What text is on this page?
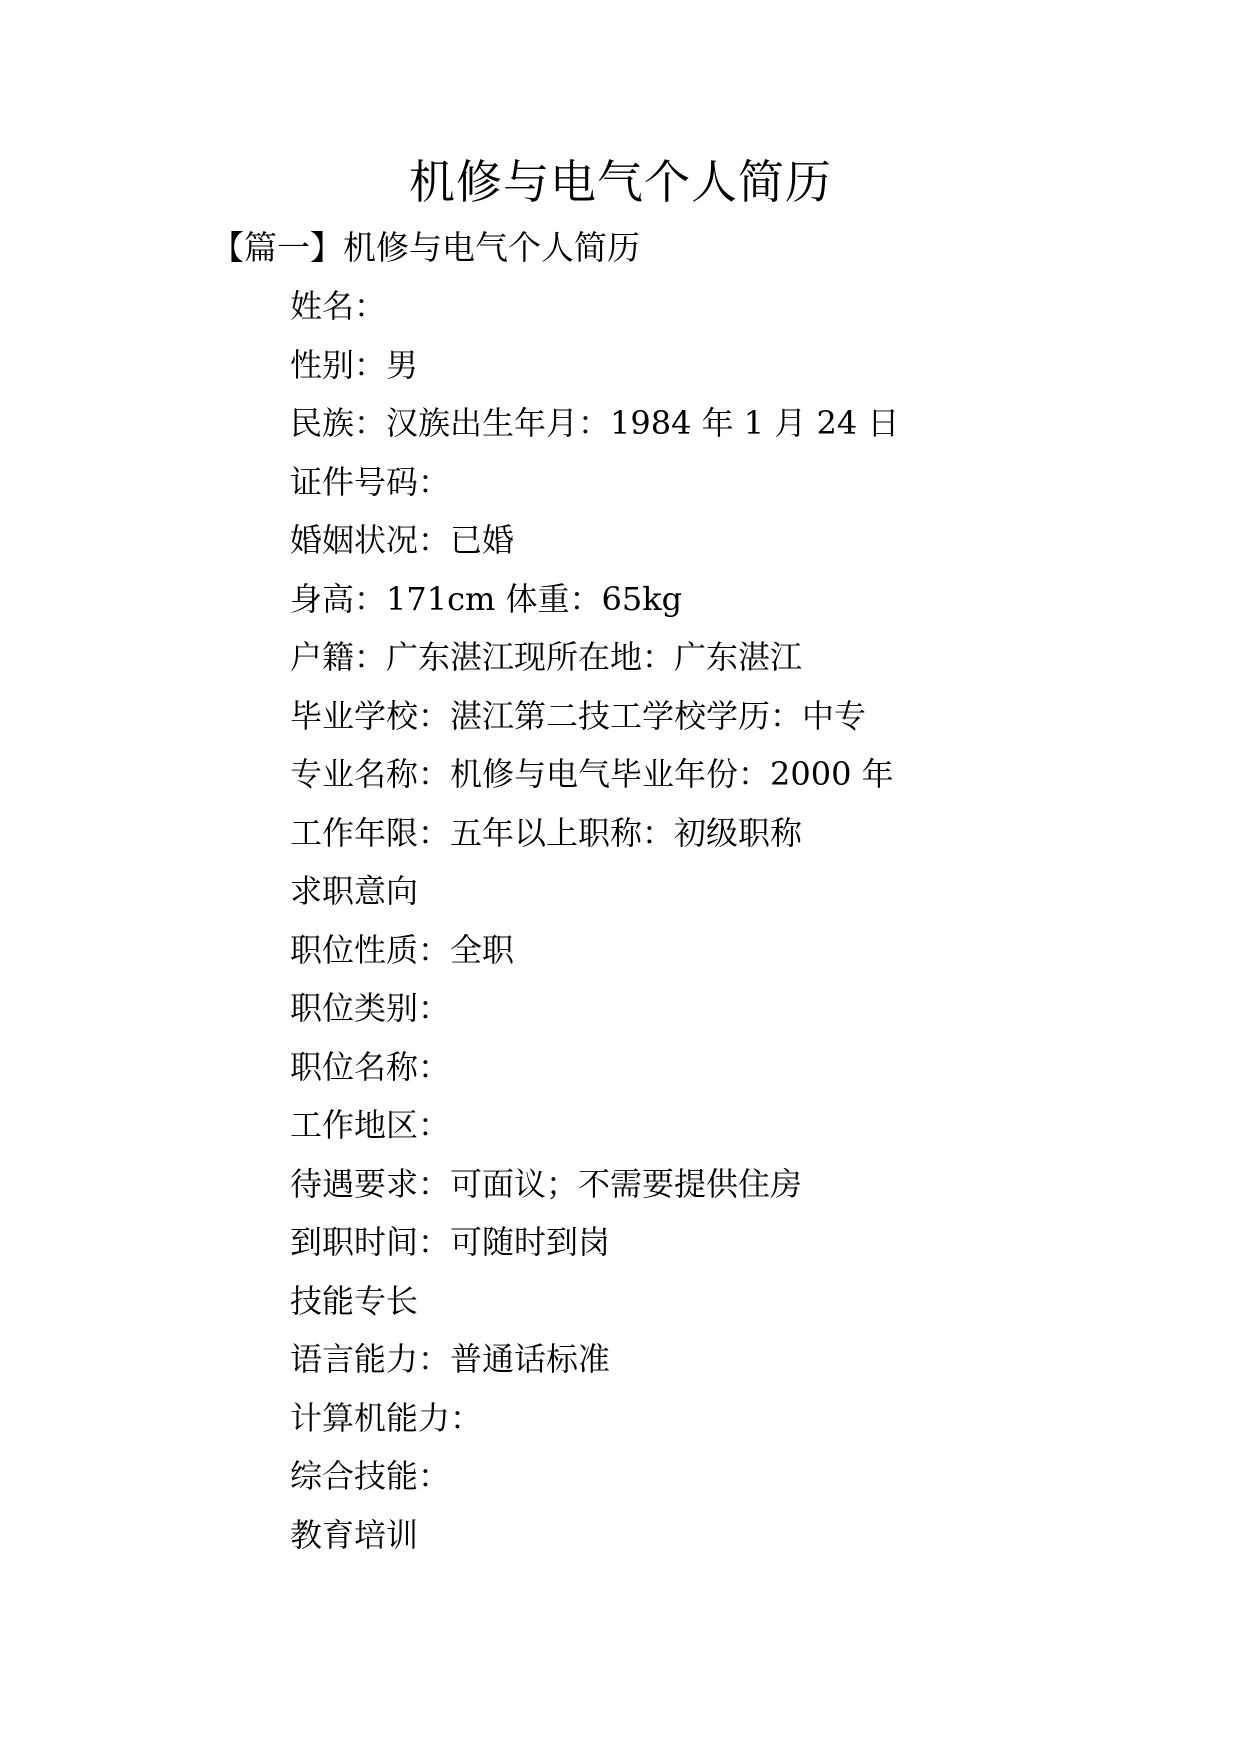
机修与电气个人简历

【篇一】机修与电气个人简历

姓名：
性别：男
民族：汉族出生年月：1984 年 1 月 24 日
证件号码：
婚姻状况：已婚
身高：171cm 体重：65kg
户籍：广东湛江现所在地：广东湛江
毕业学校：湛江第二技工学校学历：中专
专业名称：机修与电气毕业年份：2000 年
工作年限：五年以上职称：初级职称
求职意向
职位性质：全职
职位类别：
职位名称：
工作地区：
待遇要求：可面议；不需要提供住房
到职时间：可随时到岗
技能专长
语言能力：普通话标准
计算机能力：
综合技能：
教育培训
